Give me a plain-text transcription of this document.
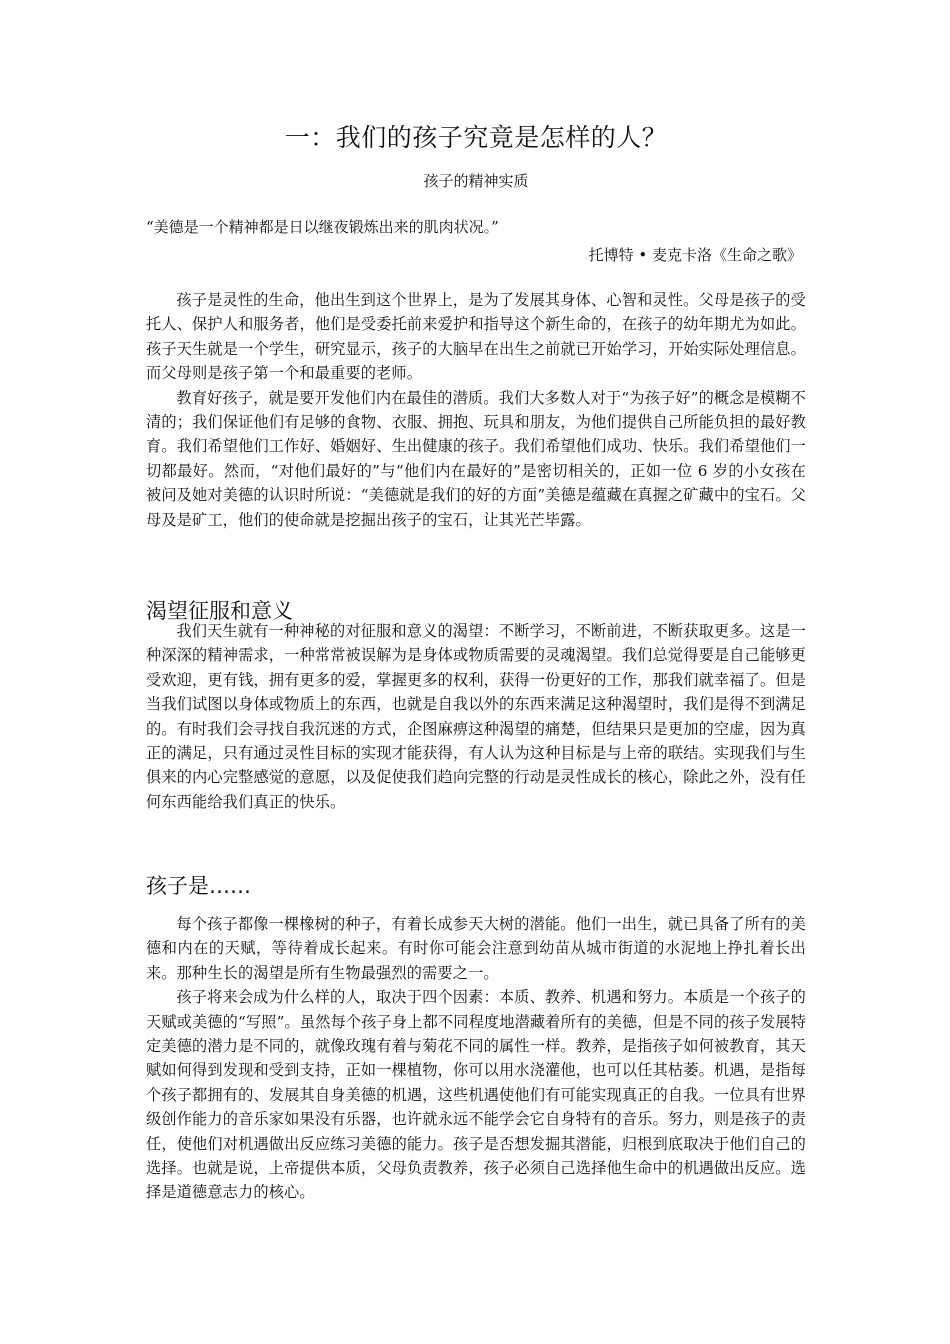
一：我们的孩子究竟是怎样的人？

孩子的精神实质

“美德是一个精神都是日以继夜锻炼出来的肌肉状况。”

托博特 • 麦克卡洛《生命之歌》

孩子是灵性的生命，他出生到这个世界上，是为了发展其身体、心智和灵性。父母是孩子的受托人、保护人和服务者，他们是受委托前来爱护和指导这个新生命的，在孩子的幼年期尤为如此。孩子天生就是一个学生，研究显示，孩子的大脑早在出生之前就已开始学习，开始实际处理信息。而父母则是孩子第一个和最重要的老师。

教育好孩子，就是要开发他们内在最佳的潜质。我们大多数人对于“为孩子好”的概念是模糊不清的；我们保证他们有足够的食物、衣服、拥抱、玩具和朋友，为他们提供自己所能负担的最好教育。我们希望他们工作好、婚姻好、生出健康的孩子。我们希望他们成功、快乐。我们希望他们一切都最好。然而，“对他们最好的”与“他们内在最好的”是密切相关的，正如一位 6 岁的小女孩在被问及她对美德的认识时所说：“美德就是我们的好的方面”美德是蕴藏在真握之矿藏中的宝石。父母及是矿工，他们的使命就是挖掘出孩子的宝石，让其光芒毕露。

渴望征服和意义

我们天生就有一种神秘的对征服和意义的渴望：不断学习，不断前进，不断获取更多。这是一种深深的精神需求，一种常常被误解为是身体或物质需要的灵魂渴望。我们总觉得要是自己能够更受欢迎，更有钱，拥有更多的爱，掌握更多的权利，获得一份更好的工作，那我们就幸福了。但是当我们试图以身体或物质上的东西，也就是自我以外的东西来满足这种渴望时，我们是得不到满足的。有时我们会寻找自我沉迷的方式，企图麻痹这种渴望的痛楚，但结果只是更加的空虚，因为真正的满足，只有通过灵性目标的实现才能获得，有人认为这种目标是与上帝的联结。实现我们与生俱来的内心完整感觉的意愿，以及促使我们趋向完整的行动是灵性成长的核心，除此之外，没有任何东西能给我们真正的快乐。

孩子是……

每个孩子都像一棵橡树的种子，有着长成参天大树的潜能。他们一出生，就已具备了所有的美德和内在的天赋，等待着成长起来。有时你可能会注意到幼苗从城市街道的水泥地上挣扎着长出来。那种生长的渴望是所有生物最强烈的需要之一。

孩子将来会成为什么样的人，取决于四个因素：本质、教养、机遇和努力。本质是一个孩子的天赋或美德的“写照”。虽然每个孩子身上都不同程度地潜藏着所有的美德，但是不同的孩子发展特定美德的潜力是不同的，就像玫瑰有着与菊花不同的属性一样。教养，是指孩子如何被教育，其天赋如何得到发现和受到支持，正如一棵植物，你可以用水浇灌他，也可以任其枯萎。机遇，是指每个孩子都拥有的、发展其自身美德的机遇，这些机遇使他们有可能实现真正的自我。一位具有世界级创作能力的音乐家如果没有乐器，也许就永远不能学会它自身特有的音乐。努力，则是孩子的责任，使他们对机遇做出反应练习美德的能力。孩子是否想发掘其潜能，归根到底取决于他们自己的选择。也就是说，上帝提供本质，父母负责教养，孩子必须自己选择他生命中的机遇做出反应。选择是道德意志力的核心。
